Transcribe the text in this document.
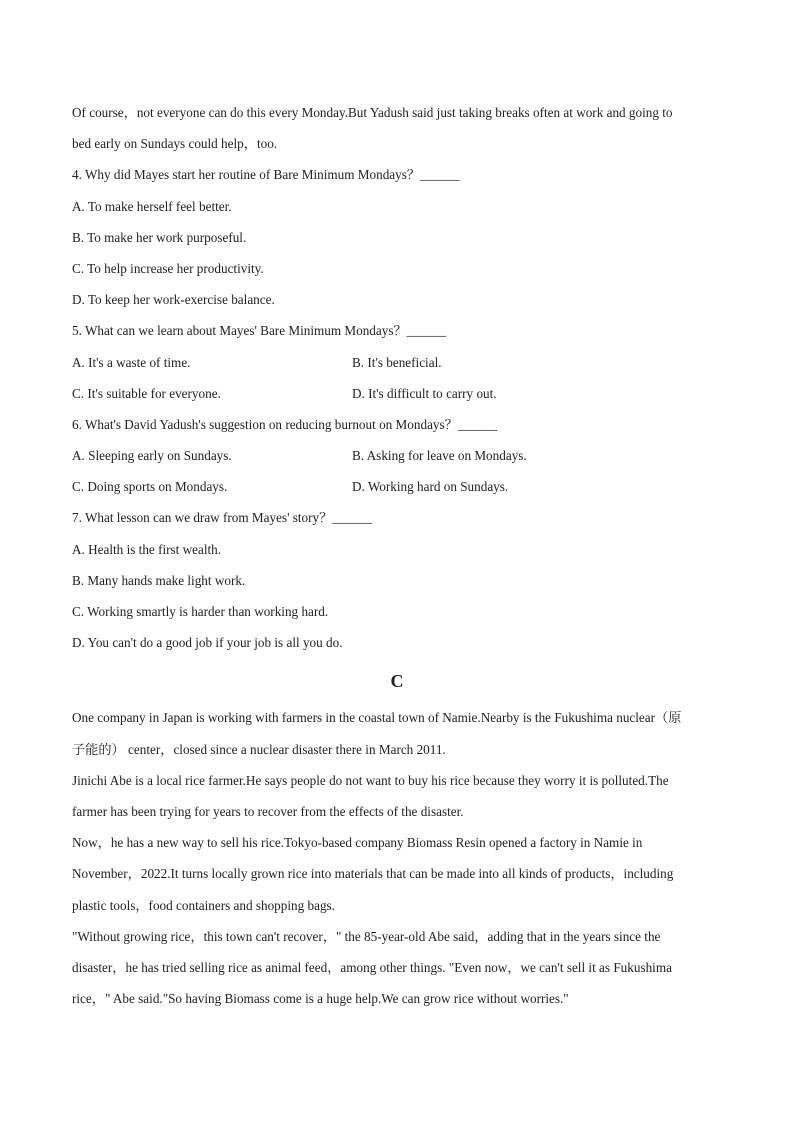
Of course，not everyone can do this every Monday.But Yadush said just taking breaks often at work and going to
bed early on Sundays could help，too.
4. Why did Mayes start her routine of Bare Minimum Mondays？______
A. To make herself feel better.
B. To make her work purposeful.
C. To help increase her productivity.
D. To keep her work-exercise balance.
5. What can we learn about Mayes' Bare Minimum Mondays？______
A. It's a waste of time.	B. It's beneficial.
C. It's suitable for everyone.	D. It's difficult to carry out.
6. What's David Yadush's suggestion on reducing burnout on Mondays？______
A. Sleeping early on Sundays.	B. Asking for leave on Mondays.
C. Doing sports on Mondays.	D. Working hard on Sundays.
7. What lesson can we draw from Mayes' story？______
A. Health is the first wealth.
B. Many hands make light work.
C. Working smartly is harder than working hard.
D. You can't do a good job if your job is all you do.
C
One company in Japan is working with farmers in the coastal town of Namie.Nearby is the Fukushima nuclear（原
子能的） center，closed since a nuclear disaster there in March 2011.
Jinichi Abe is a local rice farmer.He says people do not want to buy his rice because they worry it is polluted.The
farmer has been trying for years to recover from the effects of the disaster.
Now，he has a new way to sell his rice.Tokyo-based company Biomass Resin opened a factory in Namie in
November，2022.It turns locally grown rice into materials that can be made into all kinds of products，including
plastic tools，food containers and shopping bags.
"Without growing rice，this town can't recover，" the 85-year-old Abe said，adding that in the years since the
disaster，he has tried selling rice as animal feed，among other things. "Even now，we can't sell it as Fukushima
rice，" Abe said."So having Biomass come is a huge help.We can grow rice without worries."
